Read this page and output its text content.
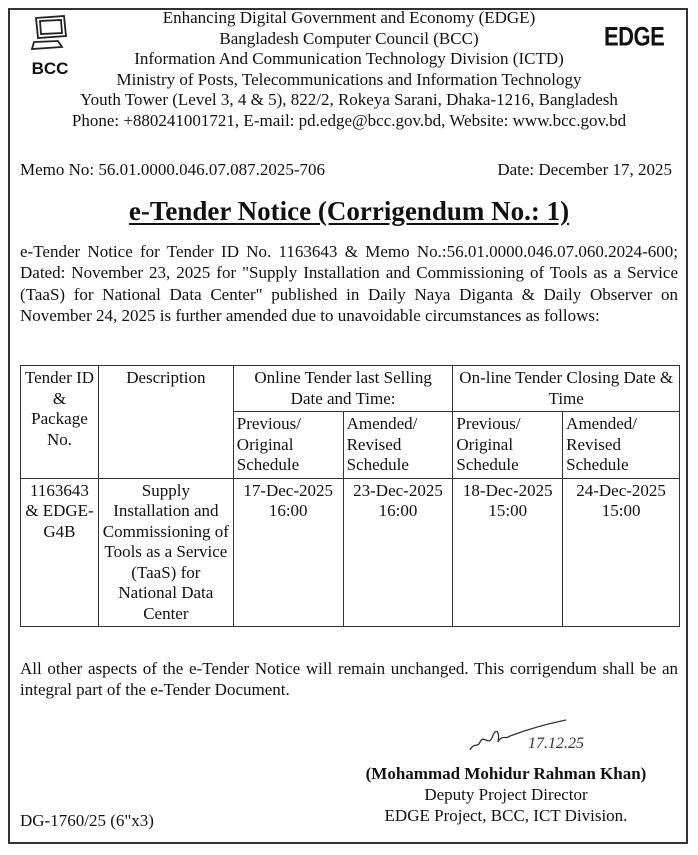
BCC
EDGE
Enhancing Digital Government and Economy (EDGE)
Bangladesh Computer Council (BCC)
Information And Communication Technology Division (ICTD)
Ministry of Posts, Telecommunications and Information Technology
Youth Tower (Level 3, 4 & 5), 822/2, Rokeya Sarani, Dhaka-1216, Bangladesh
Phone: +880241001721, E-mail: pd.edge@bcc.gov.bd, Website: www.bcc.gov.bd
Memo No: 56.01.0000.046.07.087.2025-706	Date: December 17, 2025
e-Tender Notice (Corrigendum No.: 1)
e-Tender Notice for Tender ID No. 1163643 & Memo No.:56.01.0000.046.07.060.2024-600; Dated: November 23, 2025 for "Supply Installation and Commissioning of Tools as a Service (TaaS) for National Data Center" published in Daily Naya Diganta & Daily Observer on November 24, 2025 is further amended due to unavoidable circumstances as follows:
Tender ID & Package No.	Description	Online Tender last Selling Date and Time:		On-line Tender Closing Date & Time	
		Previous/ Original Schedule	Amended/ Revised Schedule	Previous/ Original Schedule	Amended/ Revised Schedule
1163643 & EDGE-G4B	Supply Installation and Commissioning of Tools as a Service (TaaS) for National Data Center	17-Dec-2025 16:00	23-Dec-2025 16:00	18-Dec-2025 15:00	24-Dec-2025 15:00
All other aspects of the e-Tender Notice will remain unchanged. This corrigendum shall be an integral part of the e-Tender Document.
17.12.25
(Mohammad Mohidur Rahman Khan)
Deputy Project Director
EDGE Project, BCC, ICT Division.
DG-1760/25 (6"x3)
